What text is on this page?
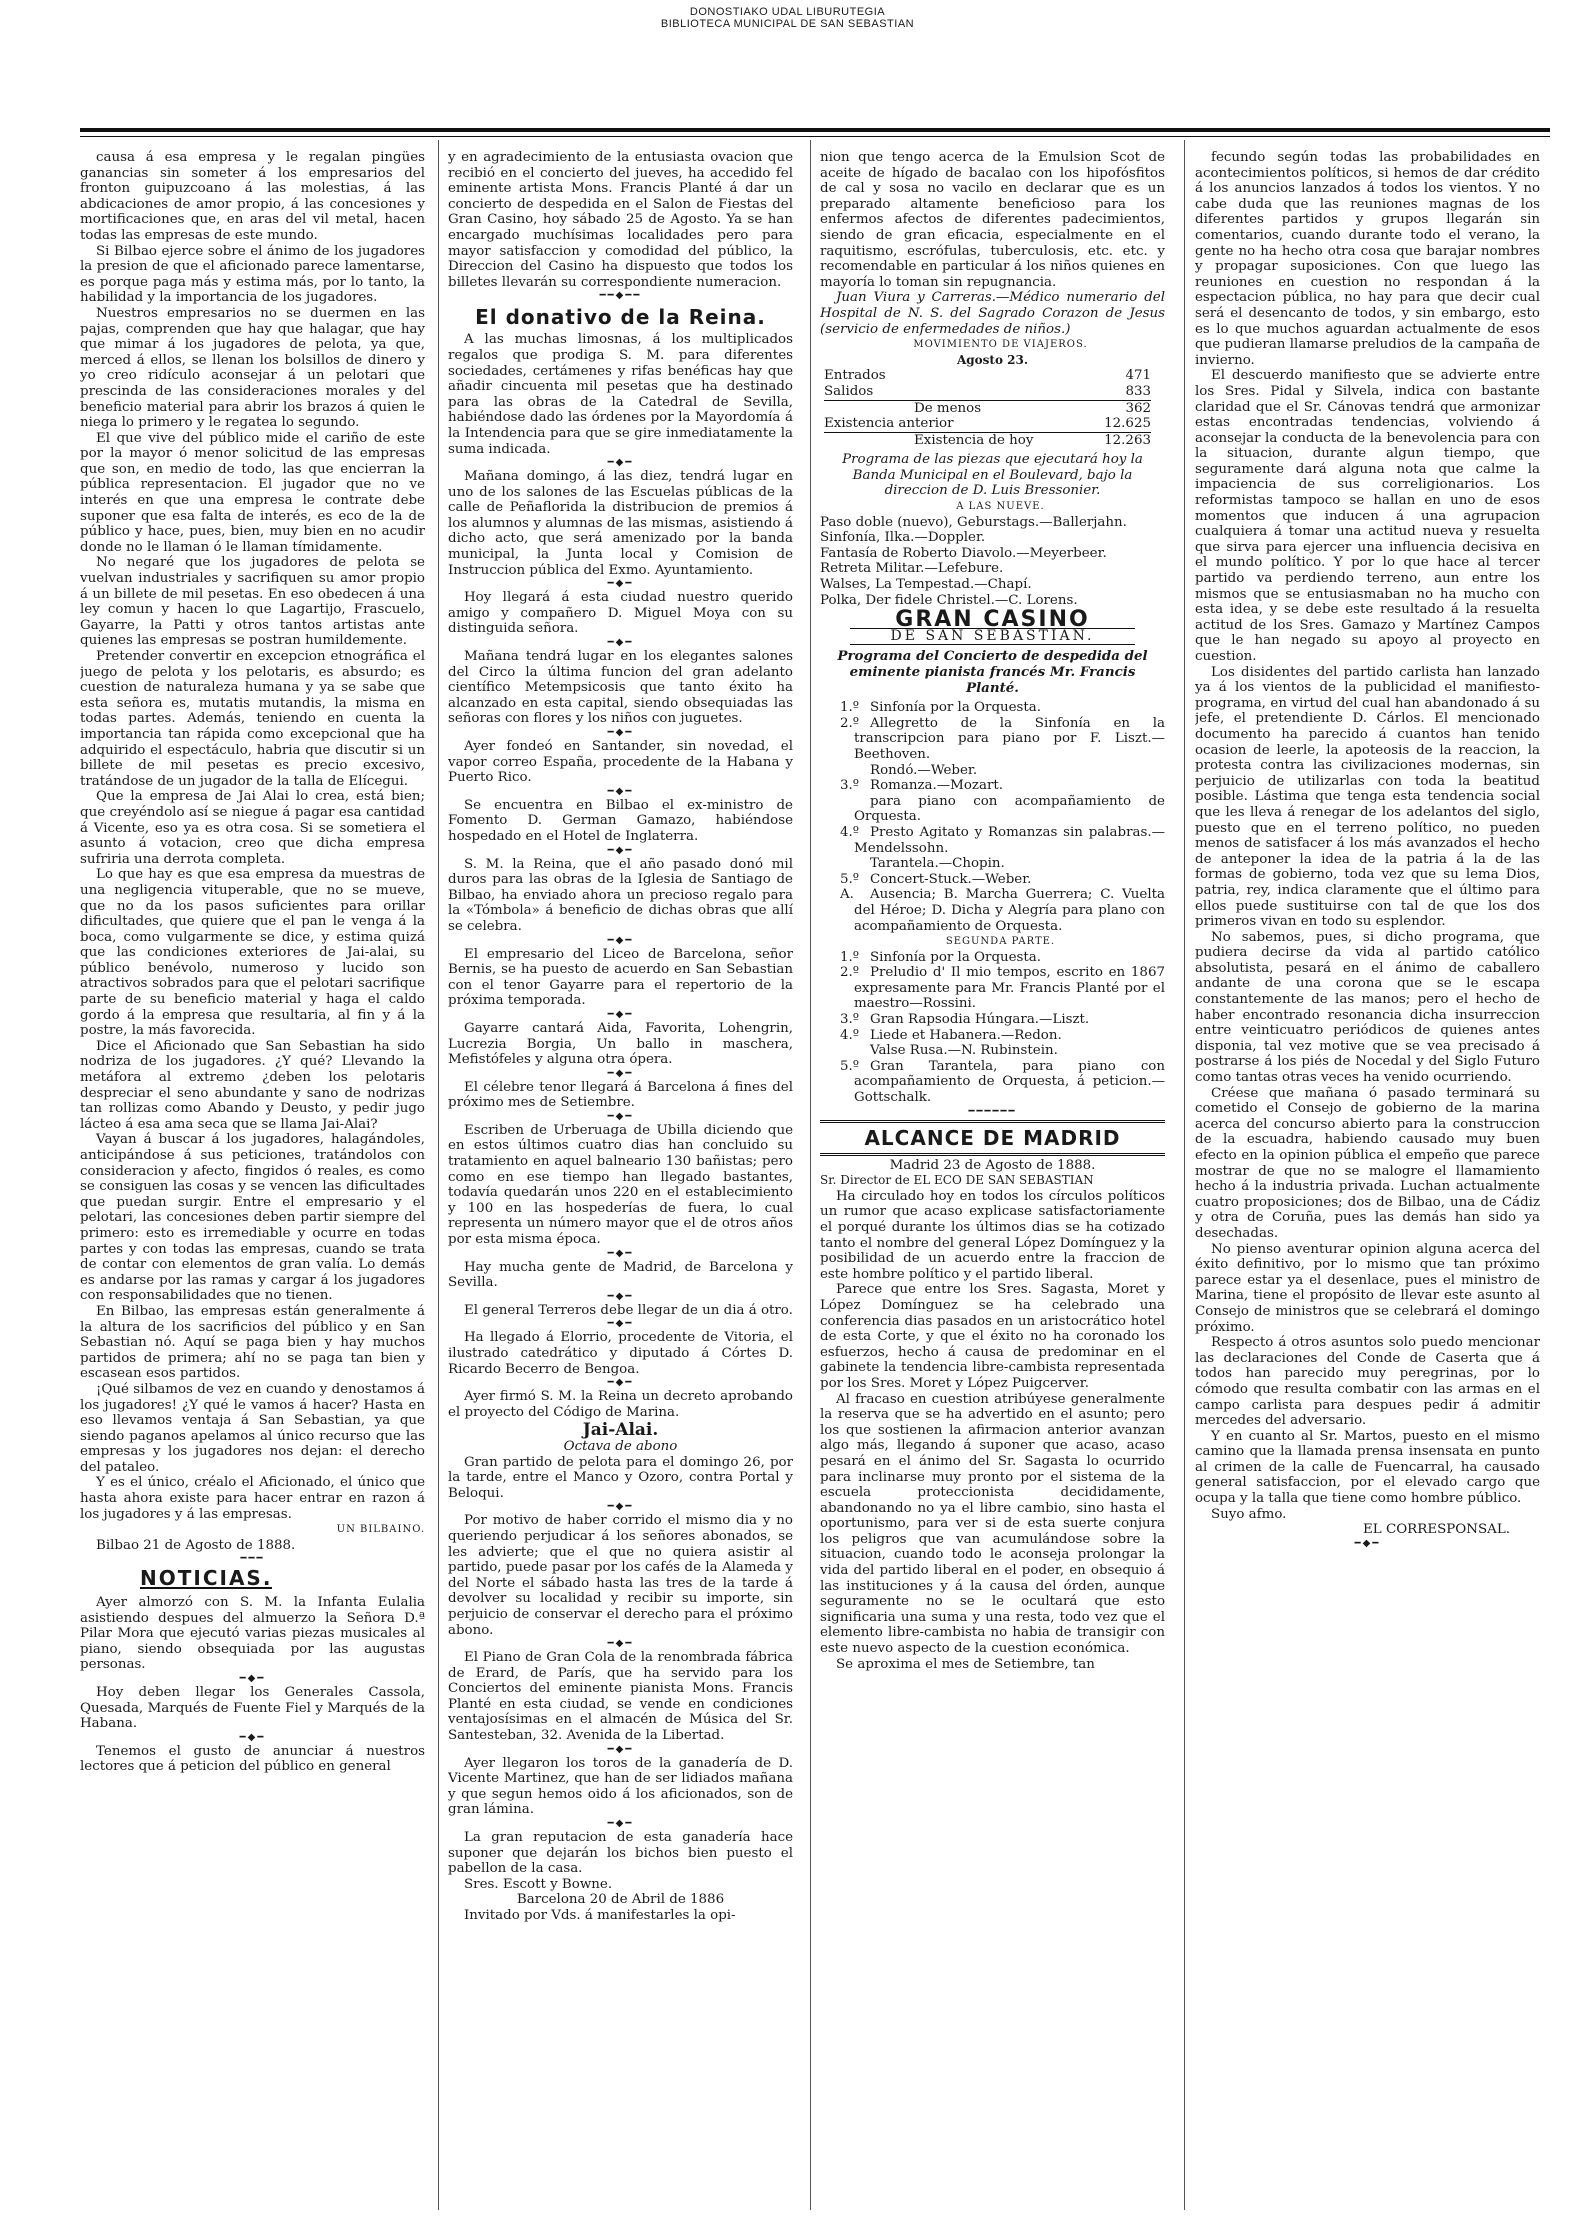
DONOSTIAKO UDAL LIBURUTEGIA
BIBLIOTECA MUNICIPAL DE SAN SEBASTIAN

causa á esa empresa y le regalan pingües ganancias sin someter á los empresarios del fronton guipuzcoano á las molestias, á las abdicaciones de amor propio, á las concesiones y mortificaciones que, en aras del vil metal, hacen todas las empresas de este mundo.

Si Bilbao ejerce sobre el ánimo de los jugadores la presion de que el aficionado parece lamentarse, es porque paga más y estima más, por lo tanto, la habilidad y la importancia de los jugadores.

Nuestros empresarios no se duermen en las pajas, comprenden que hay que halagar, que hay que mimar á los jugadores de pelota, ya que, merced á ellos, se llenan los bolsillos de dinero y yo creo ridículo aconsejar á un pelotari que prescinda de las consideraciones morales y del beneficio material para abrir los brazos á quien le niega lo primero y le regatea lo segundo.

El que vive del público mide el cariño de este por la mayor ó menor solicitud de las empresas que son, en medio de todo, las que encierran la pública representacion. El jugador que no ve interés en que una empresa le contrate debe suponer que esa falta de interés, es eco de la de público y hace, pues, bien, muy bien en no acudir donde no le llaman ó le llaman tímidamente.

No negaré que los jugadores de pelota se vuelvan industriales y sacrifiquen su amor propio á un billete de mil pesetas. En eso obedecen á una ley comun y hacen lo que Lagartijo, Frascuelo, Gayarre, la Patti y otros tantos artistas ante quienes las empresas se postran humildemente.

Pretender convertir en excepcion etnográfica el juego de pelota y los pelotaris, es absurdo; es cuestion de naturaleza humana y ya se sabe que esta señora es, mutatis mutandis, la misma en todas partes. Además, teniendo en cuenta la importancia tan rápida como excepcional que ha adquirido el espectáculo, habria que discutir si un billete de mil pesetas es precio excesivo, tratándose de un jugador de la talla de Elícegui.

Que la empresa de Jai Alai lo crea, está bien; que creyéndolo así se niegue á pagar esa cantidad á Vicente, eso ya es otra cosa. Si se sometiera el asunto á votacion, creo que dicha empresa sufriria una derrota completa.

Lo que hay es que esa empresa da muestras de una negligencia vituperable, que no se mueve, que no da los pasos suficientes para orillar dificultades, que quiere que el pan le venga á la boca, como vulgarmente se dice, y estima quizá que las condiciones exteriores de Jai-alai, su público benévolo, numeroso y lucido son atractivos sobrados para que el pelotari sacrifique parte de su beneficio material y haga el caldo gordo á la empresa que resultaria, al fin y á la postre, la más favorecida.

Dice el Aficionado que San Sebastian ha sido nodriza de los jugadores. ¿Y qué? Llevando la metáfora al extremo ¿deben los pelotaris despreciar el seno abundante y sano de nodrizas tan rollizas como Abando y Deusto, y pedir jugo lácteo á esa ama seca que se llama Jai-Alai?

Vayan á buscar á los jugadores, halagándoles, anticipándose á sus peticiones, tratándolos con consideracion y afecto, fingidos ó reales, es como se consiguen las cosas y se vencen las dificultades que puedan surgir. Entre el empresario y el pelotari, las concesiones deben partir siempre del primero: esto es irremediable y ocurre en todas partes y con todas las empresas, cuando se trata de contar con elementos de gran valía. Lo demás es andarse por las ramas y cargar á los jugadores con responsabilidades que no tienen.

En Bilbao, las empresas están generalmente á la altura de los sacrificios del público y en San Sebastian nó. Aquí se paga bien y hay muchos partidos de primera; ahí no se paga tan bien y escasean esos partidos.

¡Qué silbamos de vez en cuando y denostamos á los jugadores! ¿Y qué le vamos á hacer? Hasta en eso llevamos ventaja á San Sebastian, ya que siendo paganos apelamos al único recurso que las empresas y los jugadores nos dejan: el derecho del pataleo.

Y es el único, créalo el Aficionado, el único que hasta ahora existe para hacer entrar en razon á los jugadores y á las empresas.

UN BILBAINO.

Bilbao 21 de Agosto de 1888.

━━━
NOTICIAS.

Ayer almorzó con S. M. la Infanta Eulalia asistiendo despues del almuerzo la Señora D.ª Pilar Mora que ejecutó varias piezas musicales al piano, siendo obsequiada por las augustas personas.

━◆━

Hoy deben llegar los Generales Cassola, Quesada, Marqués de Fuente Fiel y Marqués de la Habana.

━◆━

Tenemos el gusto de anunciar á nuestros lectores que á peticion del público en general

y en agradecimiento de la entusiasta ovacion que recibió en el concierto del jueves, ha accedido fel eminente artista Mons. Francis Planté á dar un concierto de despedida en el Salon de Fiestas del Gran Casino, hoy sábado 25 de Agosto. Ya se han encargado muchísimas localidades pero para mayor satisfaccion y comodidad del público, la Direccion del Casino ha dispuesto que todos los billetes llevarán su correspondiente numeracion.

━━◆━━
El donativo de la Reina.

A las muchas limosnas, á los multiplicados regalos que prodiga S. M. para diferentes sociedades, certámenes y rifas benéficas hay que añadir cincuenta mil pesetas que ha destinado para las obras de la Catedral de Sevilla, habiéndose dado las órdenes por la Mayordomía á la Intendencia para que se gire inmediatamente la suma indicada.

━◆━

Mañana domingo, á las diez, tendrá lugar en uno de los salones de las Escuelas públicas de la calle de Peñaflorida la distribucion de premios á los alumnos y alumnas de las mismas, asistiendo á dicho acto, que será amenizado por la banda municipal, la Junta local y Comision de Instruccion pública del Exmo. Ayuntamiento.

━◆━

Hoy llegará á esta ciudad nuestro querido amigo y compañero D. Miguel Moya con su distinguida señora.

━◆━

Mañana tendrá lugar en los elegantes salones del Circo la última funcion del gran adelanto científico Metempsicosis que tanto éxito ha alcanzado en esta capital, siendo obsequiadas las señoras con flores y los niños con juguetes.

━◆━

Ayer fondeó en Santander, sin novedad, el vapor correo España, procedente de la Habana y Puerto Rico.

━◆━

Se encuentra en Bilbao el ex-ministro de Fomento D. German Gamazo, habiéndose hospedado en el Hotel de Inglaterra.

━◆━

S. M. la Reina, que el año pasado donó mil duros para las obras de la Iglesia de Santiago de Bilbao, ha enviado ahora un precioso regalo para la «Tómbola» á beneficio de dichas obras que allí se celebra.

━◆━

El empresario del Liceo de Barcelona, señor Bernis, se ha puesto de acuerdo en San Sebastian con el tenor Gayarre para el repertorio de la próxima temporada.

━◆━

Gayarre cantará Aida, Favorita, Lohengrin, Lucrezia Borgia, Un ballo in maschera, Mefistófeles y alguna otra ópera.

━◆━

El célebre tenor llegará á Barcelona á fines del próximo mes de Setiembre.

━◆━

Escriben de Urberuaga de Ubilla diciendo que en estos últimos cuatro dias han concluido su tratamiento en aquel balneario 130 bañistas; pero como en ese tiempo han llegado bastantes, todavía quedarán unos 220 en el establecimiento y 100 en las hospederías de fuera, lo cual representa un número mayor que el de otros años por esta misma época.

━◆━

Hay mucha gente de Madrid, de Barcelona y Sevilla.

━◆━

El general Terreros debe llegar de un dia á otro.

━◆━

Ha llegado á Elorrio, procedente de Vitoria, el ilustrado catedrático y diputado á Córtes D. Ricardo Becerro de Bengoa.

━◆━

Ayer firmó S. M. la Reina un decreto aprobando el proyecto del Código de Marina.

Jai-Alai.

Octava de abono

Gran partido de pelota para el domingo 26, por la tarde, entre el Manco y Ozoro, contra Portal y Beloqui.

━◆━

Por motivo de haber corrido el mismo dia y no queriendo perjudicar á los señores abonados, se les advierte; que el que no quiera asistir al partido, puede pasar por los cafés de la Alameda y del Norte el sábado hasta las tres de la tarde á devolver su localidad y recibir su importe, sin perjuicio de conservar el derecho para el próximo abono.

━◆━

El Piano de Gran Cola de la renombrada fábrica de Erard, de París, que ha servido para los Conciertos del eminente pianista Mons. Francis Planté en esta ciudad, se vende en condiciones ventajosísimas en el almacén de Música del Sr. Santesteban, 32. Avenida de la Libertad.

━◆━

Ayer llegaron los toros de la ganadería de D. Vicente Martinez, que han de ser lidiados mañana y que segun hemos oido á los aficionados, son de gran lámina.

━◆━

La gran reputacion de esta ganadería hace suponer que dejarán los bichos bien puesto el pabellon de la casa.

Sres. Escott y Bowne.

Barcelona 20 de Abril de 1886

Invitado por Vds. á manifestarles la opi-

nion que tengo acerca de la Emulsion Scot de aceite de hígado de bacalao con los hipofósfitos de cal y sosa no vacilo en declarar que es un preparado altamente beneficioso para los enfermos afectos de diferentes padecimientos, siendo de gran eficacia, especialmente en el raquitismo, escrófulas, tuberculosis, etc. etc. y recomendable en particular á los niños quienes en mayoría lo toman sin repugnancia.

Juan Viura y Carreras.—Médico numerario del Hospital de N. S. del Sagrado Corazon de Jesus (servicio de enfermedades de niños.)

MOVIMIENTO DE VIAJEROS.

Agosto 23.

Entrados	471
Salidos	833
De menos	362
Existencia anterior	12.625
Existencia de hoy	12.263

Programa de las piezas que ejecutará hoy la Banda Municipal en el Boulevard, bajo la direccion de D. Luis Bressonier.

A LAS NUEVE.

Paso doble (nuevo), Geburstags.—Ballerjahn.

Sinfonía, Ilka.—Doppler.

Fantasía de Roberto Diavolo.—Meyerbeer.

Retreta Militar.—Lefebure.

Walses, La Tempestad.—Chapí.

Polka, Der fidele Christel.—C. Lorens.

GRAN CASINO
DE SAN SEBASTIAN.

Programa del Concierto de despedida del eminente pianista francés Mr. Francis Planté.

1.º Sinfonía por la Orquesta.

2.º Allegretto de la Sinfonía en la transcripcion para piano por F. Liszt.—Beethoven.

Rondó.—Weber.

3.º Romanza.—Mozart.

para piano con acompañamiento de Orquesta.

4.º Presto Agitato y Romanzas sin palabras.—Mendelssohn.

Tarantela.—Chopin.

5.º Concert-Stuck.—Weber.

A. Ausencia; B. Marcha Guerrera; C. Vuelta del Héroe; D. Dicha y Alegría para plano con acompañamiento de Orquesta.

SEGUNDA PARTE.

1.º Sinfonía por la Orquesta.

2.º Preludio d' Il mio tempos, escrito en 1867 expresamente para Mr. Francis Planté por el maestro—Rossini.

3.º Gran Rapsodia Húngara.—Liszt.

4.º Liede et Habanera.—Redon.

Valse Rusa.—N. Rubinstein.

5.º Gran Tarantela, para piano con acompañamiento de Orquesta, á peticion.—Gottschalk.

━━━━━━
ALCANCE DE MADRID

Madrid 23 de Agosto de 1888.

Sr. Director de EL ECO DE SAN SEBASTIAN

Ha circulado hoy en todos los círculos políticos un rumor que acaso explicase satisfactoriamente el porqué durante los últimos dias se ha cotizado tanto el nombre del general López Domínguez y la posibilidad de un acuerdo entre la fraccion de este hombre político y el partido liberal.

Parece que entre los Sres. Sagasta, Moret y López Domínguez se ha celebrado una conferencia dias pasados en un aristocrático hotel de esta Corte, y que el éxito no ha coronado los esfuerzos, hecho á causa de predominar en el gabinete la tendencia libre-cambista representada por los Sres. Moret y López Puigcerver.

Al fracaso en cuestion atribúyese generalmente la reserva que se ha advertido en el asunto; pero los que sostienen la afirmacion anterior avanzan algo más, llegando á suponer que acaso, acaso pesará en el ánimo del Sr. Sagasta lo ocurrido para inclinarse muy pronto por el sistema de la escuela proteccionista decididamente, abandonando no ya el libre cambio, sino hasta el oportunismo, para ver si de esta suerte conjura los peligros que van acumulándose sobre la situacion, cuando todo le aconseja prolongar la vida del partido liberal en el poder, en obsequio á las instituciones y á la causa del órden, aunque seguramente no se le ocultará que esto significaria una suma y una resta, todo vez que el elemento libre-cambista no habia de transigir con este nuevo aspecto de la cuestion económica.

Se aproxima el mes de Setiembre, tan

fecundo según todas las probabilidades en acontecimientos políticos, si hemos de dar crédito á los anuncios lanzados á todos los vientos. Y no cabe duda que las reuniones magnas de los diferentes partidos y grupos llegarán sin comentarios, cuando durante todo el verano, la gente no ha hecho otra cosa que barajar nombres y propagar suposiciones. Con que luego las reuniones en cuestion no respondan á la espectacion pública, no hay para que decir cual será el desencanto de todos, y sin embargo, esto es lo que muchos aguardan actualmente de esos que pudieran llamarse preludios de la campaña de invierno.

El descuerdo manifiesto que se advierte entre los Sres. Pidal y Silvela, indica con bastante claridad que el Sr. Cánovas tendrá que armonizar estas encontradas tendencias, volviendo á aconsejar la conducta de la benevolencia para con la situacion, durante algun tiempo, que seguramente dará alguna nota que calme la impaciencia de sus correligionarios. Los reformistas tampoco se hallan en uno de esos momentos que inducen á una agrupacion cualquiera á tomar una actitud nueva y resuelta que sirva para ejercer una influencia decisiva en el mundo político. Y por lo que hace al tercer partido va perdiendo terreno, aun entre los mismos que se entusiasmaban no ha mucho con esta idea, y se debe este resultado á la resuelta actitud de los Sres. Gamazo y Martínez Campos que le han negado su apoyo al proyecto en cuestion.

Los disidentes del partido carlista han lanzado ya á los vientos de la publicidad el manifiesto-programa, en virtud del cual han abandonado á su jefe, el pretendiente D. Cárlos. El mencionado documento ha parecido á cuantos han tenido ocasion de leerle, la apoteosis de la reaccion, la protesta contra las civilizaciones modernas, sin perjuicio de utilizarlas con toda la beatitud posible. Lástima que tenga esta tendencia social que les lleva á renegar de los adelantos del siglo, puesto que en el terreno político, no pueden menos de satisfacer á los más avanzados el hecho de anteponer la idea de la patria á la de las formas de gobierno, toda vez que su lema Dios, patria, rey, indica claramente que el último para ellos puede sustituirse con tal de que los dos primeros vivan en todo su esplendor.

No sabemos, pues, si dicho programa, que pudiera decirse da vida al partido católico absolutista, pesará en el ánimo de caballero andante de una corona que se le escapa constantemente de las manos; pero el hecho de haber encontrado resonancia dicha insurreccion entre veinticuatro periódicos de quienes antes disponia, tal vez motive que se vea precisado á postrarse á los piés de Nocedal y del Siglo Futuro como tantas otras veces ha venido ocurriendo.

Créese que mañana ó pasado terminará su cometido el Consejo de gobierno de la marina acerca del concurso abierto para la construccion de la escuadra, habiendo causado muy buen efecto en la opinion pública el empeño que parece mostrar de que no se malogre el llamamiento hecho á la industria privada. Luchan actualmente cuatro proposiciones; dos de Bilbao, una de Cádiz y otra de Coruña, pues las demás han sido ya desechadas.

No pienso aventurar opinion alguna acerca del éxito definitivo, por lo mismo que tan próximo parece estar ya el desenlace, pues el ministro de Marina, tiene el propósito de llevar este asunto al Consejo de ministros que se celebrará el domingo próximo.

Respecto á otros asuntos solo puedo mencionar las declaraciones del Conde de Caserta que á todos han parecido muy peregrinas, por lo cómodo que resulta combatir con las armas en el campo carlista para despues pedir á admitir mercedes del adversario.

Y en cuanto al Sr. Martos, puesto en el mismo camino que la llamada prensa insensata en punto al crimen de la calle de Fuencarral, ha causado general satisfaccion, por el elevado cargo que ocupa y la talla que tiene como hombre público.

Suyo afmo.

EL CORRESPONSAL.

━◆━
